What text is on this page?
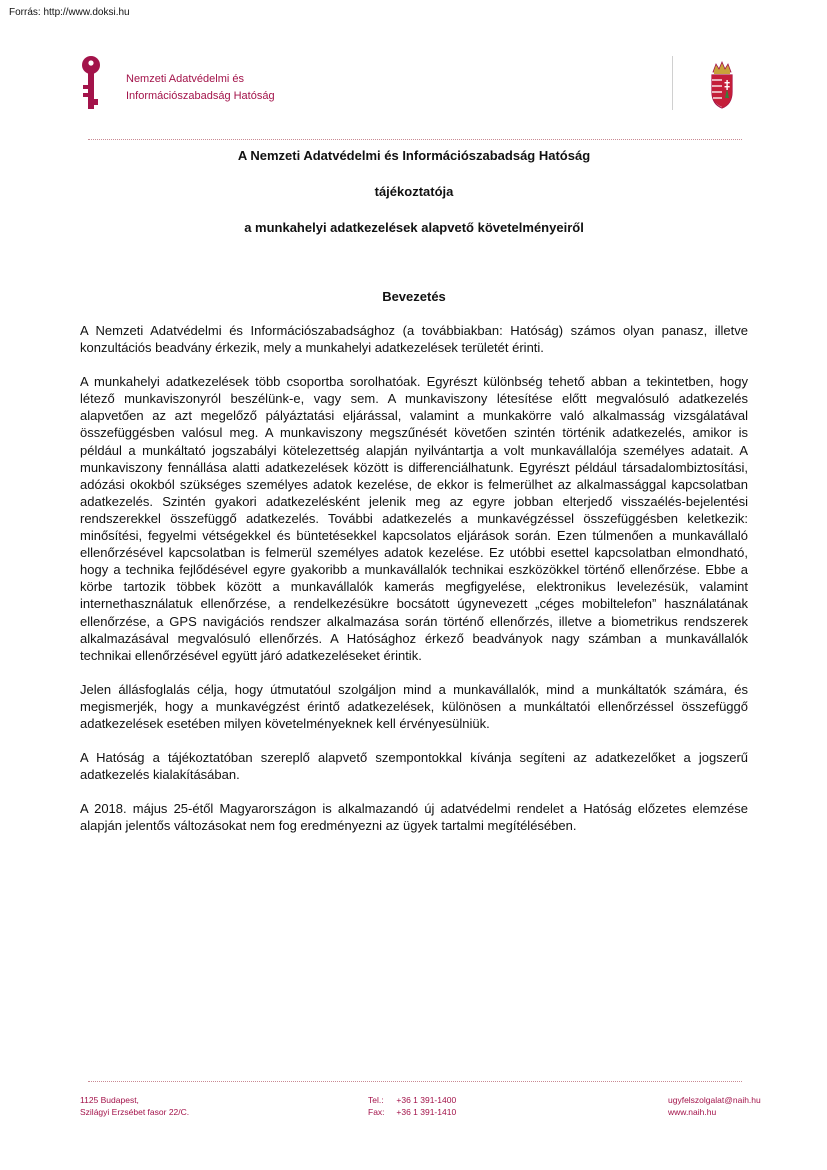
Forrás: http://www.doksi.hu
Nemzeti Adatvédelmi és
Információszabadság Hatóság
A Nemzeti Adatvédelmi és Információszabadság Hatóság
tájékoztatója
a munkahelyi adatkezelések alapvető követelményeiről
Bevezetés

A Nemzeti Adatvédelmi és Információszabadsághoz (a továbbiakban: Hatóság) számos olyan panasz, illetve konzultációs beadvány érkezik, mely a munkahelyi adatkezelések területét érinti.

A munkahelyi adatkezelések több csoportba sorolhatóak. Egyrészt különbség tehető abban a tekintetben, hogy létező munkaviszonyról beszélünk-e, vagy sem. A munkaviszony létesítése előtt megvalósuló adatkezelés alapvetően az azt megelőző pályáztatási eljárással, valamint a munkakörre való alkalmasság vizsgálatával összefüggésben valósul meg. A munkaviszony megszűnését követően szintén történik adatkezelés, amikor is például a munkáltató jogszabályi kötelezettség alapján nyilvántartja a volt munkavállalója személyes adatait. A munkaviszony fennállása alatti adatkezelések között is differenciálhatunk. Egyrészt például társadalombiztosítási, adózási okokból szükséges személyes adatok kezelése, de ekkor is felmerülhet az alkalmassággal kapcsolatban adatkezelés. Szintén gyakori adatkezelésként jelenik meg az egyre jobban elterjedő visszaélés-bejelentési rendszerekkel összefüggő adatkezelés. További adatkezelés a munkavégzéssel összefüggésben keletkezik: minősítési, fegyelmi vétségekkel és büntetésekkel kapcsolatos eljárások során. Ezen túlmenően a munkavállaló ellenőrzésével kapcsolatban is felmerül személyes adatok kezelése. Ez utóbbi esettel kapcsolatban elmondható, hogy a technika fejlődésével egyre gyakoribb a munkavállalók technikai eszközökkel történő ellenőrzése. Ebbe a körbe tartozik többek között a munkavállalók kamerás megfigyelése, elektronikus levelezésük, valamint internethasználatuk ellenőrzése, a rendelkezésükre bocsátott úgynevezett „céges mobiltelefon” használatának ellenőrzése, a GPS navigációs rendszer alkalmazása során történő ellenőrzés, illetve a biometrikus rendszerek alkalmazásával megvalósuló ellenőrzés. A Hatósághoz érkező beadványok nagy számban a munkavállalók technikai ellenőrzésével együtt járó adatkezeléseket érintik.

Jelen állásfoglalás célja, hogy útmutatóul szolgáljon mind a munkavállalók, mind a munkáltatók számára, és megismerjék, hogy a munkavégzést érintő adatkezelések, különösen a munkáltatói ellenőrzéssel összefüggő adatkezelések esetében milyen követelményeknek kell érvényesülniük.

A Hatóság a tájékoztatóban szereplő alapvető szempontokkal kívánja segíteni az adatkezelőket a jogszerű adatkezelés kialakításában.

A 2018. május 25-étől Magyarországon is alkalmazandó új adatvédelmi rendelet a Hatóság előzetes elemzése alapján jelentős változásokat nem fog eredményezni az ügyek tartalmi megítélésében.

1125 Budapest,
Szilágyi Erzsébet fasor 22/C.
Tel.: +36 1 391-1400
Fax: +36 1 391-1410
ugyfelszolgalat@naih.hu
www.naih.hu
